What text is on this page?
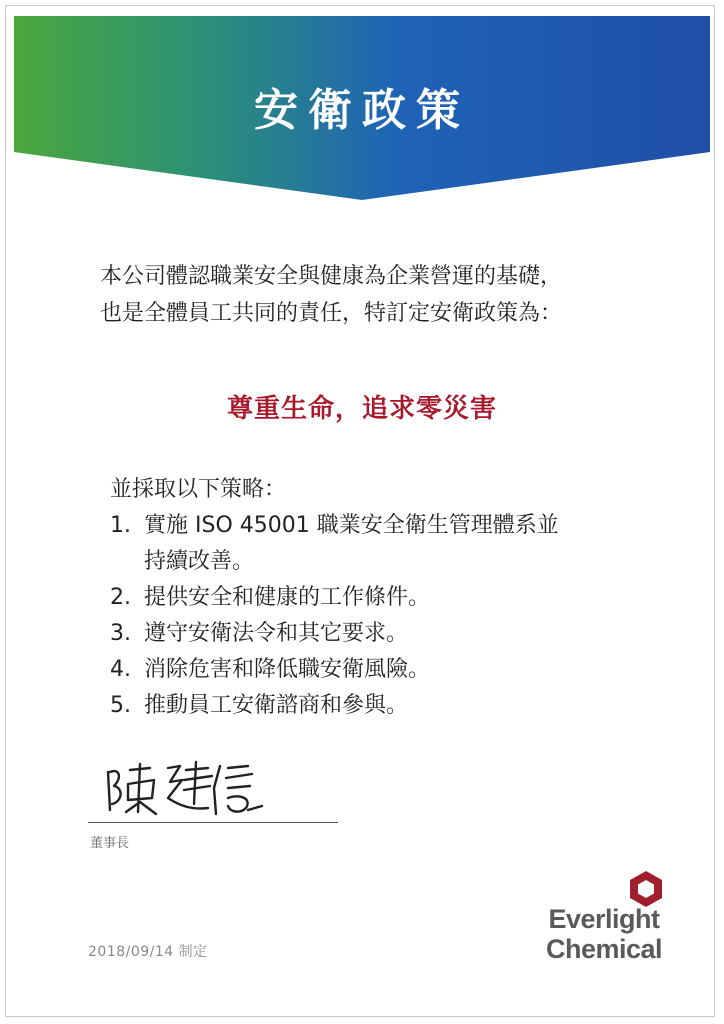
安衛政策
本公司體認職業安全與健康為企業營運的基礎，
也是全體員工共同的責任，特訂定安衛政策為：
尊重生命，追求零災害
並採取以下策略：
1. 實施 ISO 45001 職業安全衛生管理體系並
持續改善。
2. 提供安全和健康的工作條件。
3. 遵守安衛法令和其它要求。
4. 消除危害和降低職安衛風險。
5. 推動員工安衛諮商和參與。
董事長
2018/09/14 制定
Everlight
Chemical
